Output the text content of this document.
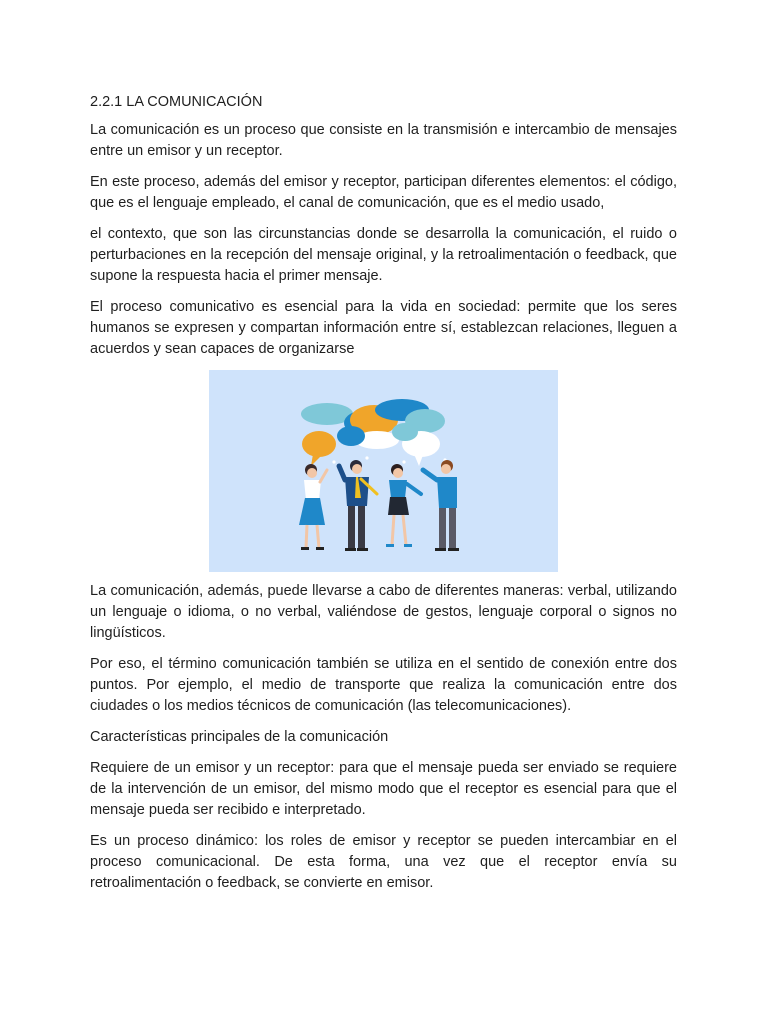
2.2.1 LA COMUNICACIÓN

La comunicación es un proceso que consiste en la transmisión e intercambio de mensajes entre un emisor y un receptor.

En este proceso, además del emisor y receptor, participan diferentes elementos: el código, que es el lenguaje empleado, el canal de comunicación, que es el medio usado,

el contexto, que son las circunstancias donde se desarrolla la comunicación, el ruido o perturbaciones en la recepción del mensaje original, y la retroalimentación o feedback, que supone la respuesta hacia el primer mensaje.

El proceso comunicativo es esencial para la vida en sociedad: permite que los seres humanos se expresen y compartan información entre sí, establezcan relaciones, lleguen a acuerdos y sean capaces de organizarse

La comunicación, además, puede llevarse a cabo de diferentes maneras: verbal, utilizando un lenguaje o idioma, o no verbal, valiéndose de gestos, lenguaje corporal o signos no lingüísticos.

Por eso, el término comunicación también se utiliza en el sentido de conexión entre dos puntos. Por ejemplo, el medio de transporte que realiza la comunicación entre dos ciudades o los medios técnicos de comunicación (las telecomunicaciones).

Características principales de la comunicación

Requiere de un emisor y un receptor: para que el mensaje pueda ser enviado se requiere de la intervención de un emisor, del mismo modo que el receptor es esencial para que el mensaje pueda ser recibido e interpretado.

Es un proceso dinámico: los roles de emisor y receptor se pueden intercambiar en el proceso comunicacional. De esta forma, una vez que el receptor envía su retroalimentación o feedback, se convierte en emisor.
